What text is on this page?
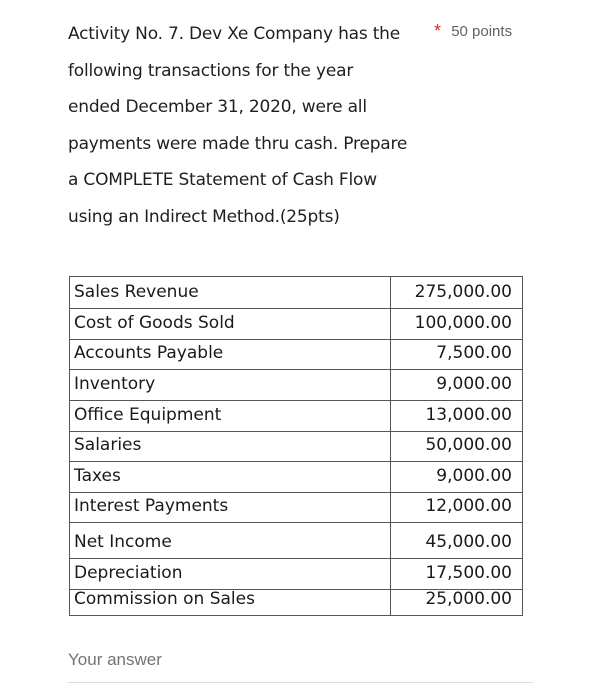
Activity No. 7. Dev Xe Company has the
following transactions for the year
ended December 31, 2020, were all
payments were made thru cash. Prepare
a COMPLETE Statement of Cash Flow
using an Indirect Method.(25pts)
* 50 points
Sales Revenue	275,000.00
Cost of Goods Sold	100,000.00
Accounts Payable	7,500.00
Inventory	9,000.00
Office Equipment	13,000.00
Salaries	50,000.00
Taxes	9,000.00
Interest Payments	12,000.00
Net Income	45,000.00
Depreciation	17,500.00
Commission on Sales	25,000.00
Your answer
